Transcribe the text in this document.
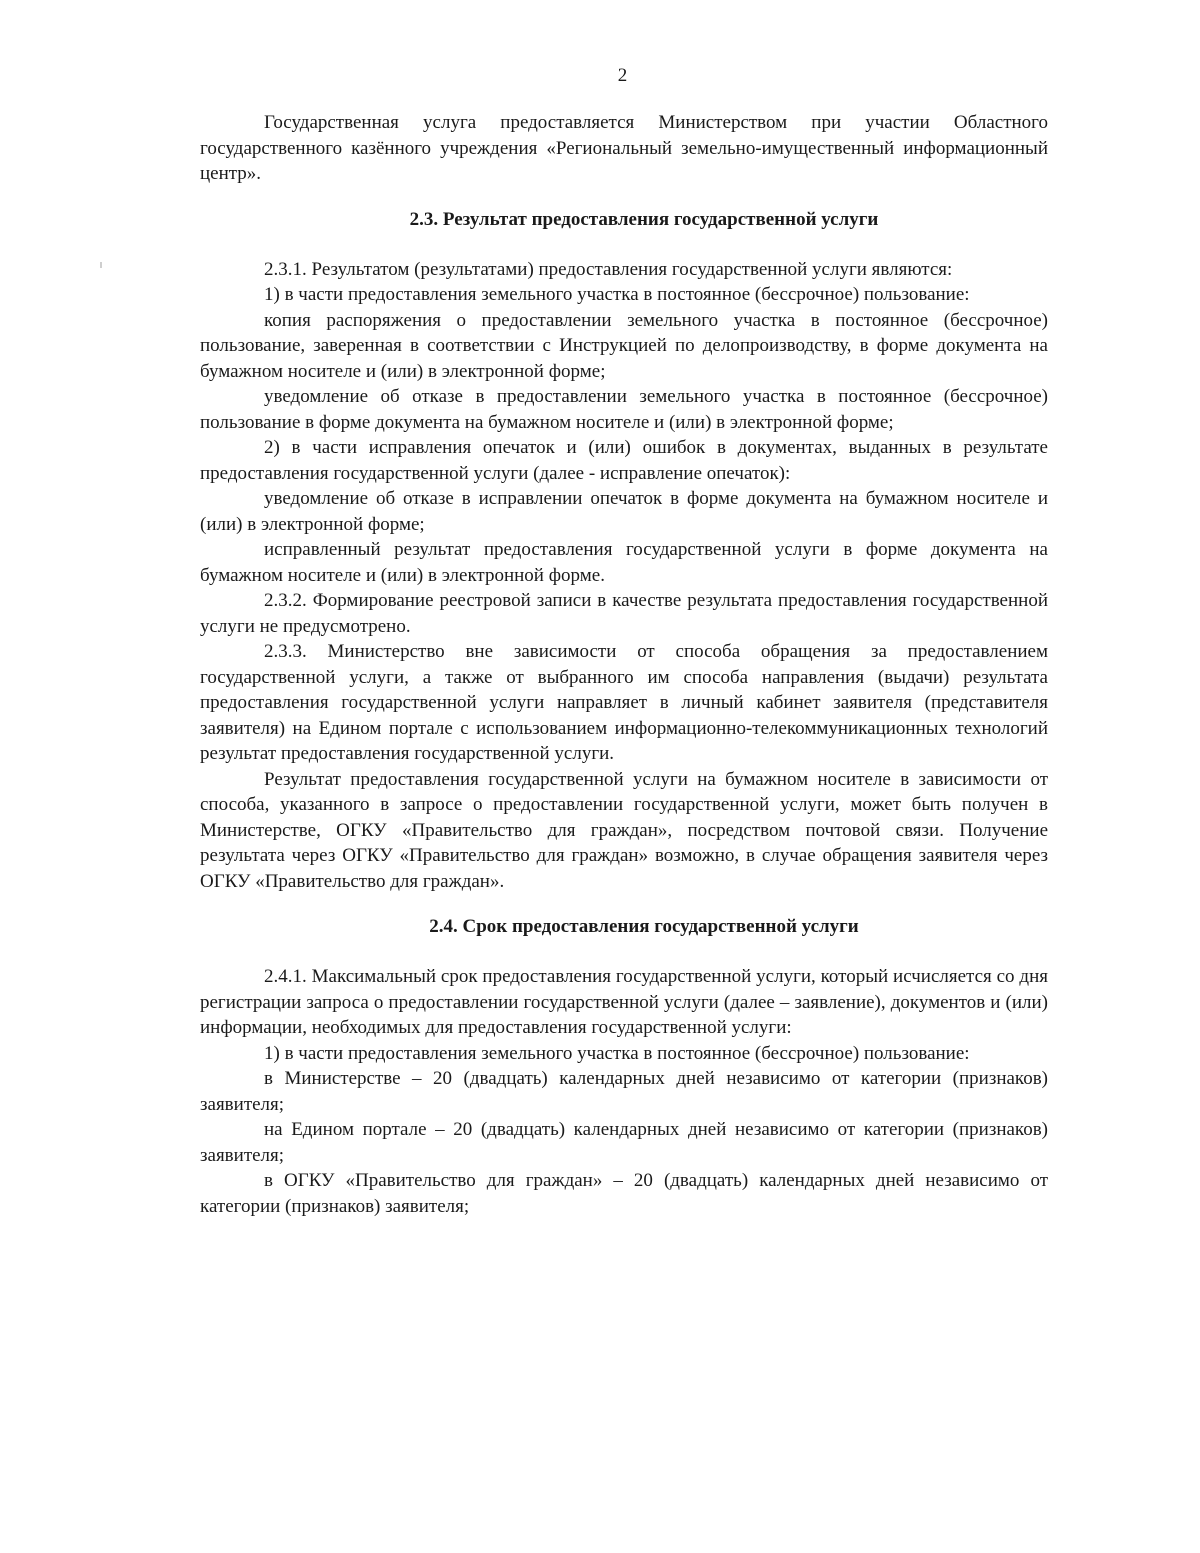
2

Государственная услуга предоставляется Министерством при участии Областного государственного казённого учреждения «Региональный земельно-имущественный информационный центр».

2.3. Результат предоставления государственной услуги

2.3.1. Результатом (результатами) предоставления государственной услуги являются:

1) в части предоставления земельного участка в постоянное (бессрочное) пользование:

копия распоряжения о предоставлении земельного участка в постоянное (бессрочное) пользование, заверенная в соответствии с Инструкцией по делопроизводству, в форме документа на бумажном носителе и (или) в электронной форме;

уведомление об отказе в предоставлении земельного участка в постоянное (бессрочное) пользование в форме документа на бумажном носителе и (или) в электронной форме;

2) в части исправления опечаток и (или) ошибок в документах, выданных в результате предоставления государственной услуги (далее - исправление опечаток):

уведомление об отказе в исправлении опечаток в форме документа на бумажном носителе и (или) в электронной форме;

исправленный результат предоставления государственной услуги в форме документа на бумажном носителе и (или) в электронной форме.

2.3.2. Формирование реестровой записи в качестве результата предоставления государственной услуги не предусмотрено.

2.3.3. Министерство вне зависимости от способа обращения за предоставлением государственной услуги, а также от выбранного им способа направления (выдачи) результата предоставления государственной услуги направляет в личный кабинет заявителя (представителя заявителя) на Едином портале с использованием информационно-телекоммуникационных технологий результат предоставления государственной услуги.

Результат предоставления государственной услуги на бумажном носителе в зависимости от способа, указанного в запросе о предоставлении государственной услуги, может быть получен в Министерстве, ОГКУ «Правительство для граждан», посредством почтовой связи. Получение результата через ОГКУ «Правительство для граждан» возможно, в случае обращения заявителя через ОГКУ «Правительство для граждан».

2.4. Срок предоставления государственной услуги

2.4.1. Максимальный срок предоставления государственной услуги, который исчисляется со дня регистрации запроса о предоставлении государственной услуги (далее – заявление), документов и (или) информации, необходимых для предоставления государственной услуги:

1) в части предоставления земельного участка в постоянное (бессрочное) пользование:

в Министерстве – 20 (двадцать) календарных дней независимо от категории (признаков) заявителя;

на Едином портале – 20 (двадцать) календарных дней независимо от категории (признаков) заявителя;

в ОГКУ «Правительство для граждан» – 20 (двадцать) календарных дней независимо от категории (признаков) заявителя;
